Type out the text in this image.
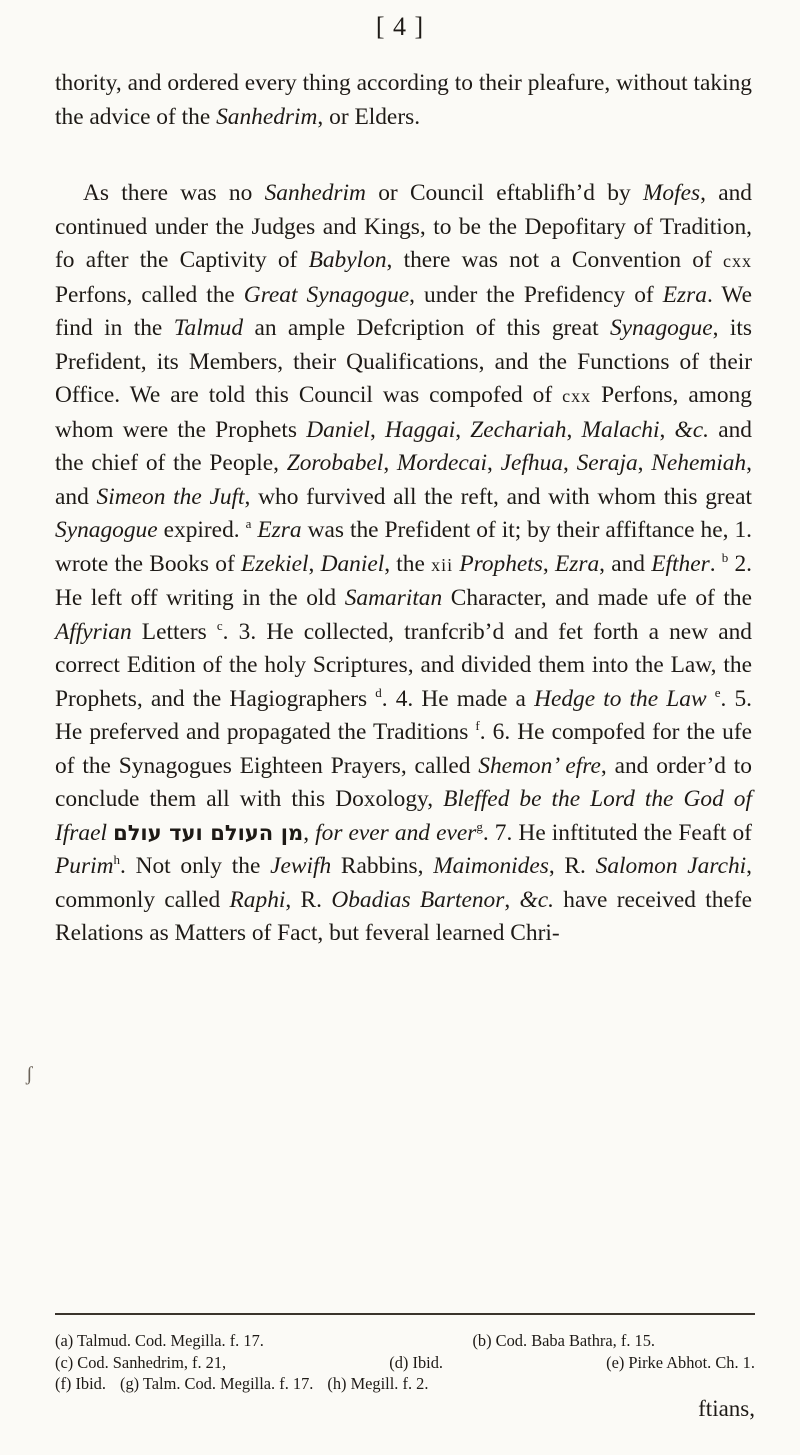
[ 4 ]

thority, and ordered every thing according to their pleafure, without taking the advice of the Sanhedrim, or Elders.

As there was no Sanhedrim or Council eftablifh’d by Mofes, and continued under the Judges and Kings, to be the Depofitary of Tradition, fo after the Captivity of Babylon, there was not a Convention of cxx Perfons, called the Great Synagogue, under the Prefidency of Ezra. We find in the Talmud an ample Defcription of this great Synagogue, its Prefident, its Members, their Qualifications, and the Functions of their Office. We are told this Council was compofed of cxx Perfons, among whom were the Prophets Daniel, Haggai, Zechariah, Malachi, &c. and the chief of the People, Zorobabel, Mordecai, Jefhua, Seraja, Nehemiah, and Simeon the Juft, who furvived all the reft, and with whom this great Synagogue expired. $^a$ Ezra was the Prefident of it; by their affiftance he, 1. wrote the Books of Ezekiel, Daniel, the xii Prophets, Ezra, and Efther. $^b$ 2. He left off writing in the old Samaritan Character, and made ufe of the Affyrian Letters $^c$. 3. He collected, tranfcrib’d and fet forth a new and correct Edition of the holy Scriptures, and divided them into the Law, the Prophets, and the Hagiographers $^d$. 4. He made a Hedge to the Law $^e$. 5. He preferved and propagated the Traditions $^f$. 6. He compofed for the ufe of the Synagogues Eighteen Prayers, called Shemon’ efre, and order’d to conclude them all with this Doxology, Bleffed be the Lord the God of Ifrael מן העולם ועד עולם, for ever and ever$^g$. 7. He inftituted the Feaft of Purim$^h$. Not only the Jewifh Rabbins, Maimonides, R. Salomon Jarchi, commonly called Raphi, R. Obadias Bartenor, &c. have received thefe Relations as Matters of Fact, but feveral learned Chri-

ʃ
(a) Talmud. Cod. Megilla. f. 17.	(b) Cod. Baba Bathra, f. 15.
(c) Cod. Sanhedrim, f. 21,	(d) Ibid.	(e) Pirke Abhot. Ch. 1.
(f) Ibid. (g) Talm. Cod. Megilla. f. 17. (h) Megill. f. 2.
ftians,
